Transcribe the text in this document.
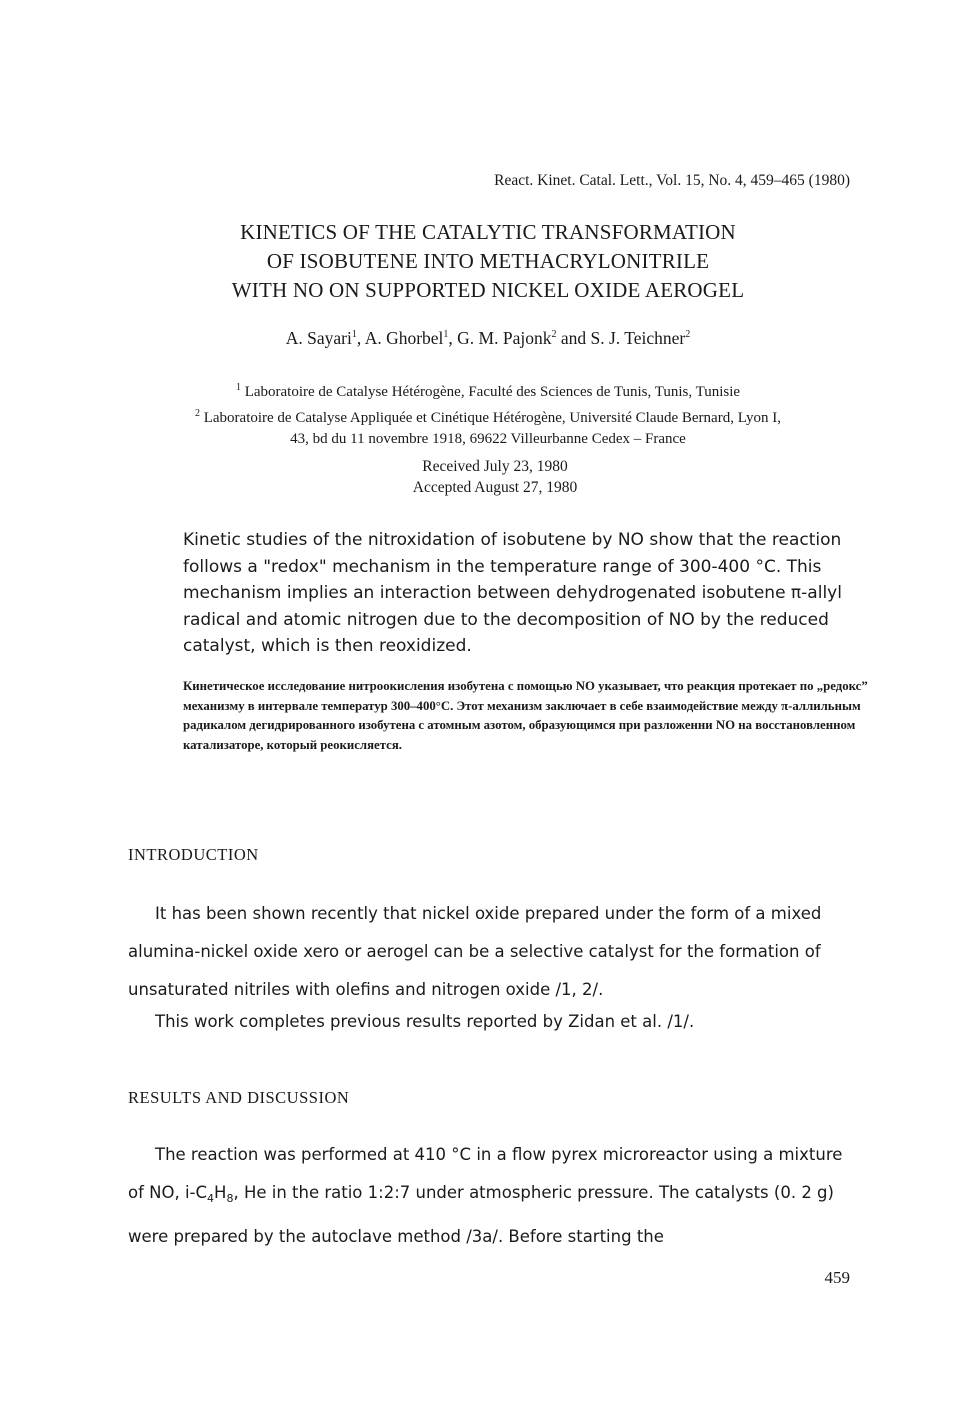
React. Kinet. Catal. Lett., Vol. 15, No. 4, 459–465 (1980)
KINETICS OF THE CATALYTIC TRANSFORMATION
OF ISOBUTENE INTO METHACRYLONITRILE
WITH NO ON SUPPORTED NICKEL OXIDE AEROGEL
A. Sayari$^1$, A. Ghorbel$^1$, G. M. Pajonk$^2$ and S. J. Teichner$^2$
$^1$ Laboratoire de Catalyse Hétérogène, Faculté des Sciences de Tunis, Tunis, Tunisie
$^2$ Laboratoire de Catalyse Appliquée et Cinétique Hétérogène, Université Claude Bernard, Lyon I,
43, bd du 11 novembre 1918, 69622 Villeurbanne Cedex – France
Received July 23, 1980
Accepted August 27, 1980
Kinetic studies of the nitroxidation of isobutene by NO show that the reaction follows a "redox" mechanism in the temperature range of 300-400 °C. This mechanism implies an interaction between dehydrogenated isobutene π-allyl radical and atomic nitrogen due to the decomposition of NO by the reduced catalyst, which is then reoxidized.
Кинетическое исследование нитроокисления изобутена с помощью NO указывает, что реакция протекает по „редокс” механизму в интервале температур 300–400°C. Этот механизм заключает в себе взаимодействие между π-аллильным радикалом дегидрированного изобутена с атомным азотом, образующимся при разложенни NO на восстановленном катализаторе, который реокисляется.
INTRODUCTION
It has been shown recently that nickel oxide prepared under the form of a mixed alumina-nickel oxide xero or aerogel can be a selective catalyst for the formation of unsaturated nitriles with olefins and nitrogen oxide /1, 2/.
This work completes previous results reported by Zidan et al. /1/.
RESULTS AND DISCUSSION
The reaction was performed at 410 °C in a flow pyrex microreactor using a mixture of NO, $i-C_4H_8$, He in the ratio 1:2:7 under atmospheric pressure. The catalysts (0. 2 g) were prepared by the autoclave method /3a/. Before starting the
459
